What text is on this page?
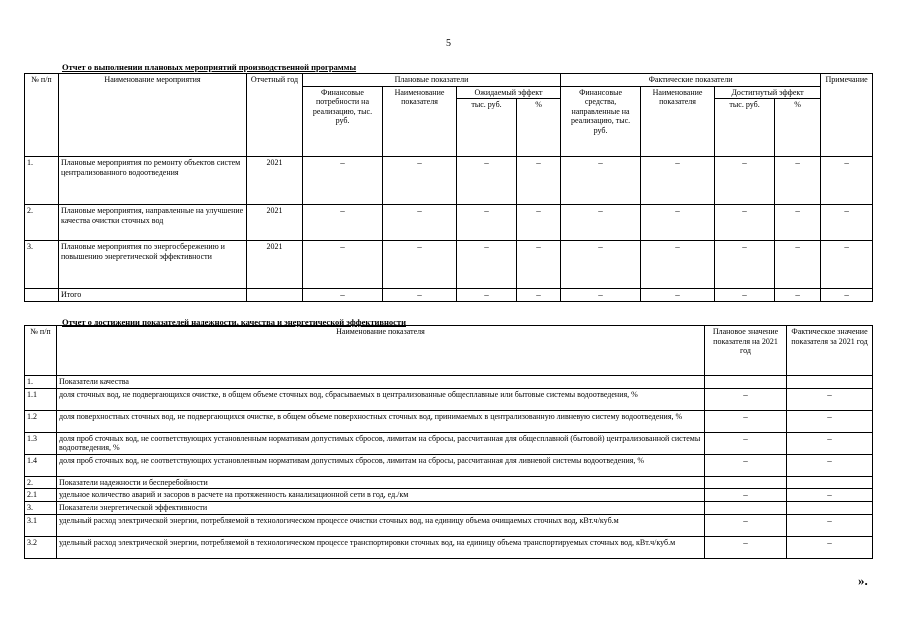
5
Отчет о выполнении плановых мероприятий производственной программы
№ п/п	Наименование мероприятия	Отчетный год	Плановые показатели				Фактические показатели				Примечание
			Финансовые потребности на реализацию, тыс. руб.	Наименование показателя	Ожидаемый эффект		Финансовые средства, направленные на реализацию, тыс. руб.	Наименование показателя	Достигнутый эффект		
					тыс. руб.	%			тыс. руб.	%	
1.	Плановые мероприятия по ремонту объектов систем централизованного водоотведения	2021	–	–	–	–	–	–	–	–	–
2.	Плановые мероприятия, направленные на улучшение качества очистки сточных вод	2021	–	–	–	–	–	–	–	–	–
3.	Плановые мероприятия по энергосбережению и повышению энергетической эффективности	2021	–	–	–	–	–	–	–	–	–
	Итого		–	–	–	–	–	–	–	–	–
Отчет о достижении показателей надежности, качества и энергетической эффективности
№ п/п	Наименование показателя	Плановое значение показателя на 2021 год	Фактическое значение показателя за 2021 год
1.	Показатели качества		
1.1	доля сточных вод, не подвергающихся очистке, в общем объеме сточных вод, сбрасываемых в централизованные общесплавные или бытовые системы водоотведения, %	–	–
1.2	доля поверхностных сточных вод, не подвергающихся очистке, в общем объеме поверхностных сточных вод, принимаемых в централизованную ливневую систему водоотведения, %	–	–
1.3	доля проб сточных вод, не соответствующих установленным нормативам допустимых сбросов, лимитам на сбросы, рассчитанная для общесплавной (бытовой) централизованной системы водоотведения, %	–	–
1.4	доля проб сточных вод, не соответствующих установленным нормативам допустимых сбросов, лимитам на сбросы, рассчитанная для ливневой системы водоотведения, %	–	–
2.	Показатели надежности и бесперебойности		
2.1	удельное количество аварий и засоров в расчете на протяженность канализационной сети в год, ед./км	–	–
3.	Показатели энергетической эффективности		
3.1	удельный расход электрической энергии, потребляемой в технологическом процессе очистки сточных вод, на единицу объема очищаемых сточных вод, кВт.ч/куб.м	–	–
3.2	удельный расход электрической энергии, потребляемой в технологическом процессе транспортировки сточных вод, на единицу объема транспортируемых сточных вод, кВт.ч/куб.м	–	–
».
